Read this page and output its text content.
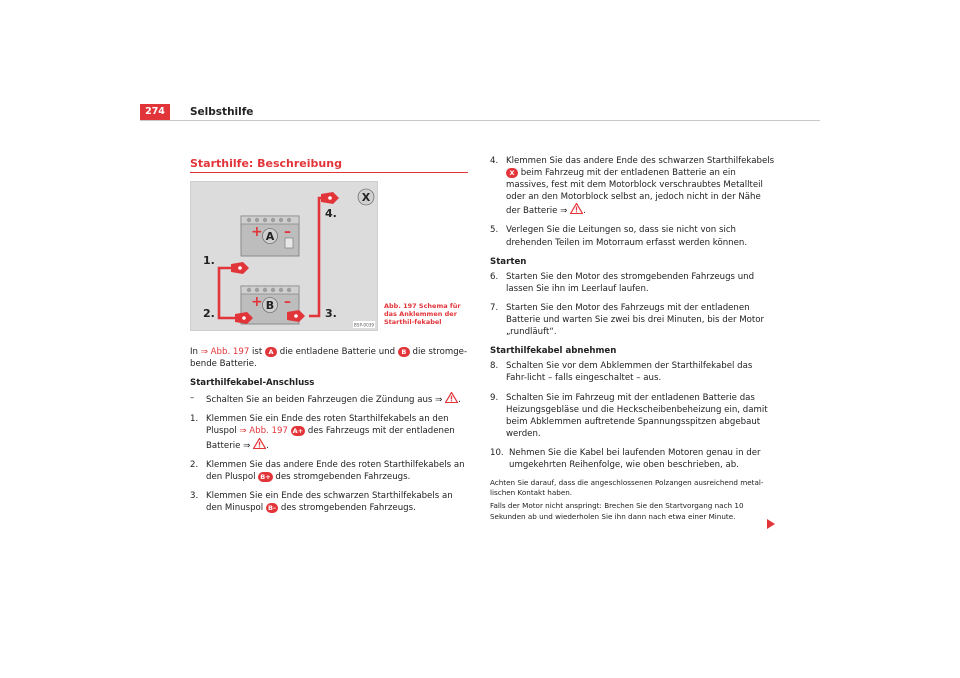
274	Selbsthilfe
Starthilfe: Beschreibung
+ –
+ –
A
B
X
1.
2.	3.
4.
B5P-0039
Abb. 197 Schema für das Anklemmen der Starthil-fekabel

In ⇒ Abb. 197 ist A die entladene Batterie und B die stromge-bende Batterie.

Starthilfekabel-Anschluss
–	Schalten Sie an beiden Fahrzeugen die Zündung aus ⇒ .
1. Klemmen Sie ein Ende des roten Starthilfekabels an den Pluspol ⇒ Abb. 197 A+ des Fahrzeugs mit der entladenen Batterie ⇒ .
2. Klemmen Sie das andere Ende des roten Starthilfekabels an den Pluspol B+ des stromgebenden Fahrzeugs.
3. Klemmen Sie ein Ende des schwarzen Starthilfekabels an den Minuspol B– des stromgebenden Fahrzeugs.
4. Klemmen Sie das andere Ende des schwarzen Starthilfekabels X beim Fahrzeug mit der entladenen Batterie an ein massives, fest mit dem Motorblock verschraubtes Metallteil oder an den Motorblock selbst an, jedoch nicht in der Nähe der Batterie ⇒ .
5. Verlegen Sie die Leitungen so, dass sie nicht von sich drehenden Teilen im Motorraum erfasst werden können.
Starten
6. Starten Sie den Motor des stromgebenden Fahrzeugs und lassen Sie ihn im Leerlauf laufen.
7. Starten Sie den Motor des Fahrzeugs mit der entladenen Batterie und warten Sie zwei bis drei Minuten, bis der Motor „rundläuft“.
Starthilfekabel abnehmen
8. Schalten Sie vor dem Abklemmen der Starthilfekabel das Fahr-licht – falls eingeschaltet – aus.
9. Schalten Sie im Fahrzeug mit der entladenen Batterie das Heizungsgebläse und die Heckscheibenbeheizung ein, damit beim Abklemmen auftretende Spannungsspitzen abgebaut werden.
10. Nehmen Sie die Kabel bei laufenden Motoren genau in der umgekehrten Reihenfolge, wie oben beschrieben, ab.
Achten Sie darauf, dass die angeschlossenen Polzangen ausreichend metal-lischen Kontakt haben.
Falls der Motor nicht anspringt: Brechen Sie den Startvorgang nach 10 Sekunden ab und wiederholen Sie ihn dann nach etwa einer Minute.
